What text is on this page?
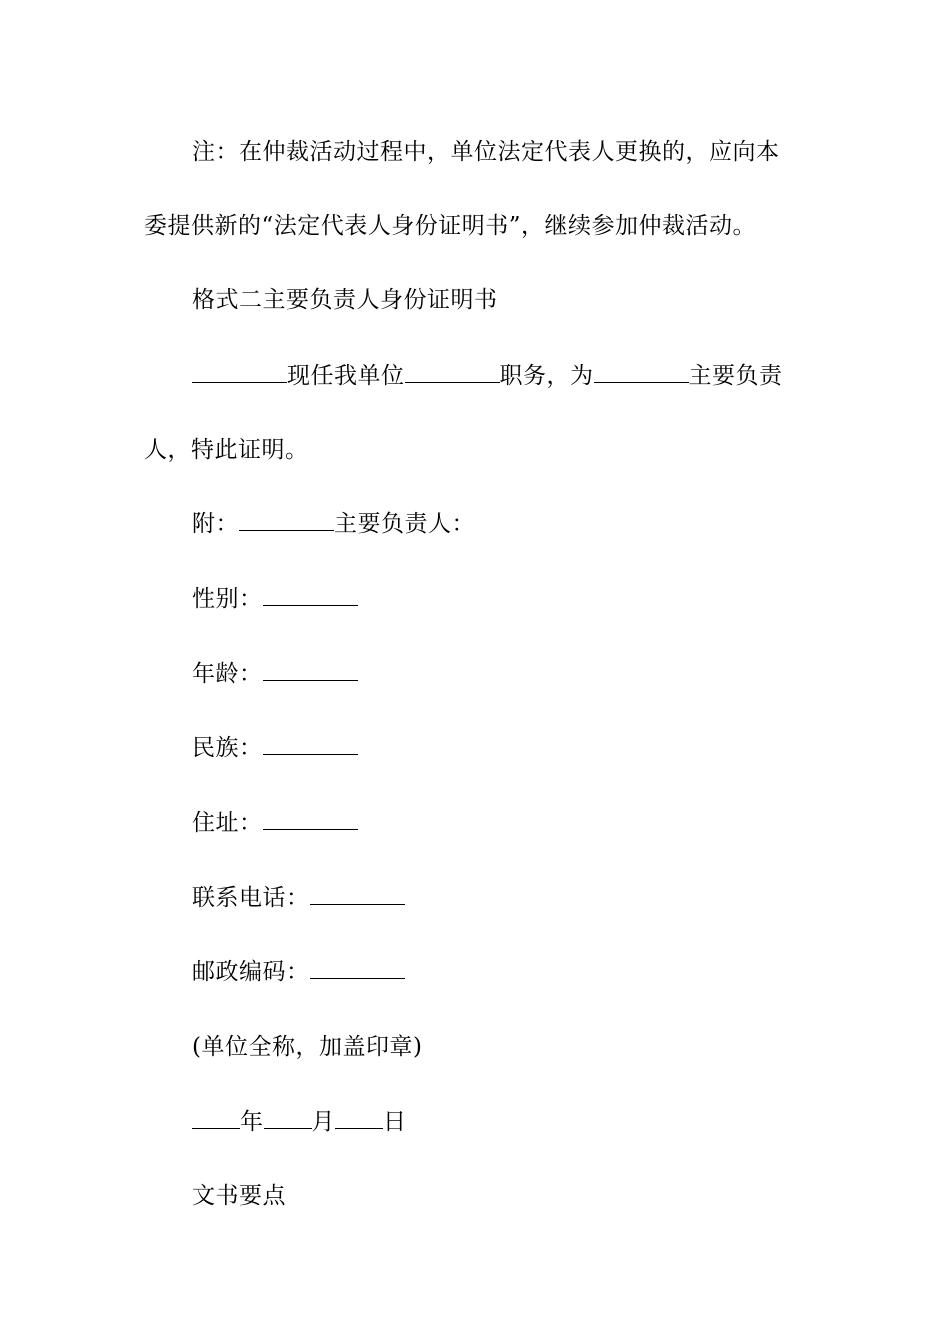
注：在仲裁活动过程中，单位法定代表人更换的，应向本
委提供新的“法定代表人身份证明书”，继续参加仲裁活动。
格式二主要负责人身份证明书
现任我单位	职务，为	主要负责
人，特此证明。
附：	主要负责人：
性别：
年龄：
民族：
住址：
联系电话：
邮政编码：
(单位全称，加盖印章)
年 月 日
文书要点
